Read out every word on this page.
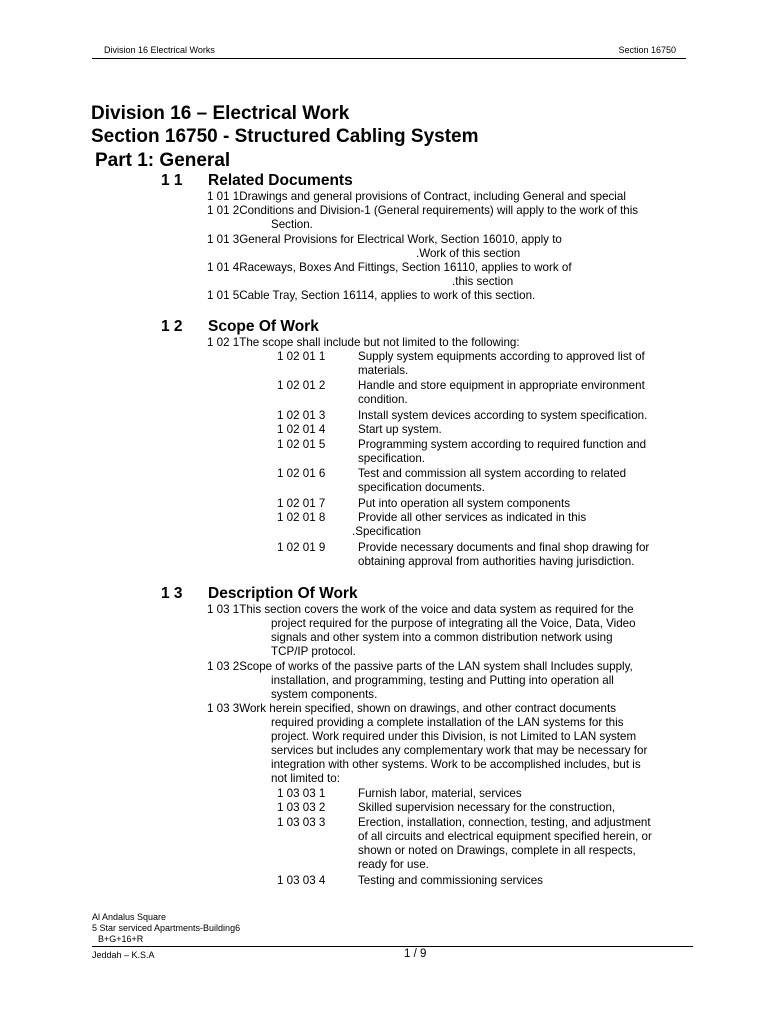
Division 16 Electrical Works	Section 16750
Division 16 – Electrical Work
Section 16750 - Structured Cabling System
Part 1: General
1 1 Related Documents
1 01 1Drawings and general provisions of Contract, including General and special
1 01 2Conditions and Division-1 (General requirements) will apply to the work of this
Section.
1 01 3General Provisions for Electrical Work, Section 16010, apply to
.Work of this section
1 01 4Raceways, Boxes And Fittings, Section 16110, applies to work of
.this section
1 01 5Cable Tray, Section 16114, applies to work of this section.
1 2 Scope Of Work
1 02 1The scope shall include but not limited to the following:
1 02 01 1	Supply system equipments according to approved list of
materials.
1 02 01 2	Handle and store equipment in appropriate environment
condition.
1 02 01 3	Install system devices according to system specification.
1 02 01 4	Start up system.
1 02 01 5	Programming system according to required function and
specification.
1 02 01 6	Test and commission all system according to related
specification documents.
1 02 01 7	Put into operation all system components
1 02 01 8	Provide all other services as indicated in this
.Specification
1 02 01 9	Provide necessary documents and final shop drawing for
obtaining approval from authorities having jurisdiction.
1 3 Description Of Work
1 03 1This section covers the work of the voice and data system as required for the
project required for the purpose of integrating all the Voice, Data, Video
signals and other system into a common distribution network using
TCP/IP protocol.
1 03 2Scope of works of the passive parts of the LAN system shall Includes supply,
installation, and programming, testing and Putting into operation all
system components.
1 03 3Work herein specified, shown on drawings, and other contract documents
required providing a complete installation of the LAN systems for this
project. Work required under this Division, is not Limited to LAN system
services but includes any complementary work that may be necessary for
integration with other systems. Work to be accomplished includes, but is
not limited to:
1 03 03 1	Furnish labor, material, services
1 03 03 2	Skilled supervision necessary for the construction,
1 03 03 3	Erection, installation, connection, testing, and adjustment
of all circuits and electrical equipment specified herein, or
shown or noted on Drawings, complete in all respects,
ready for use.
1 03 03 4	Testing and commissioning services
Al Andalus Square
5 Star serviced Apartments-Building6
B+G+16+R
Jeddah – K.S.A	1 / 9
